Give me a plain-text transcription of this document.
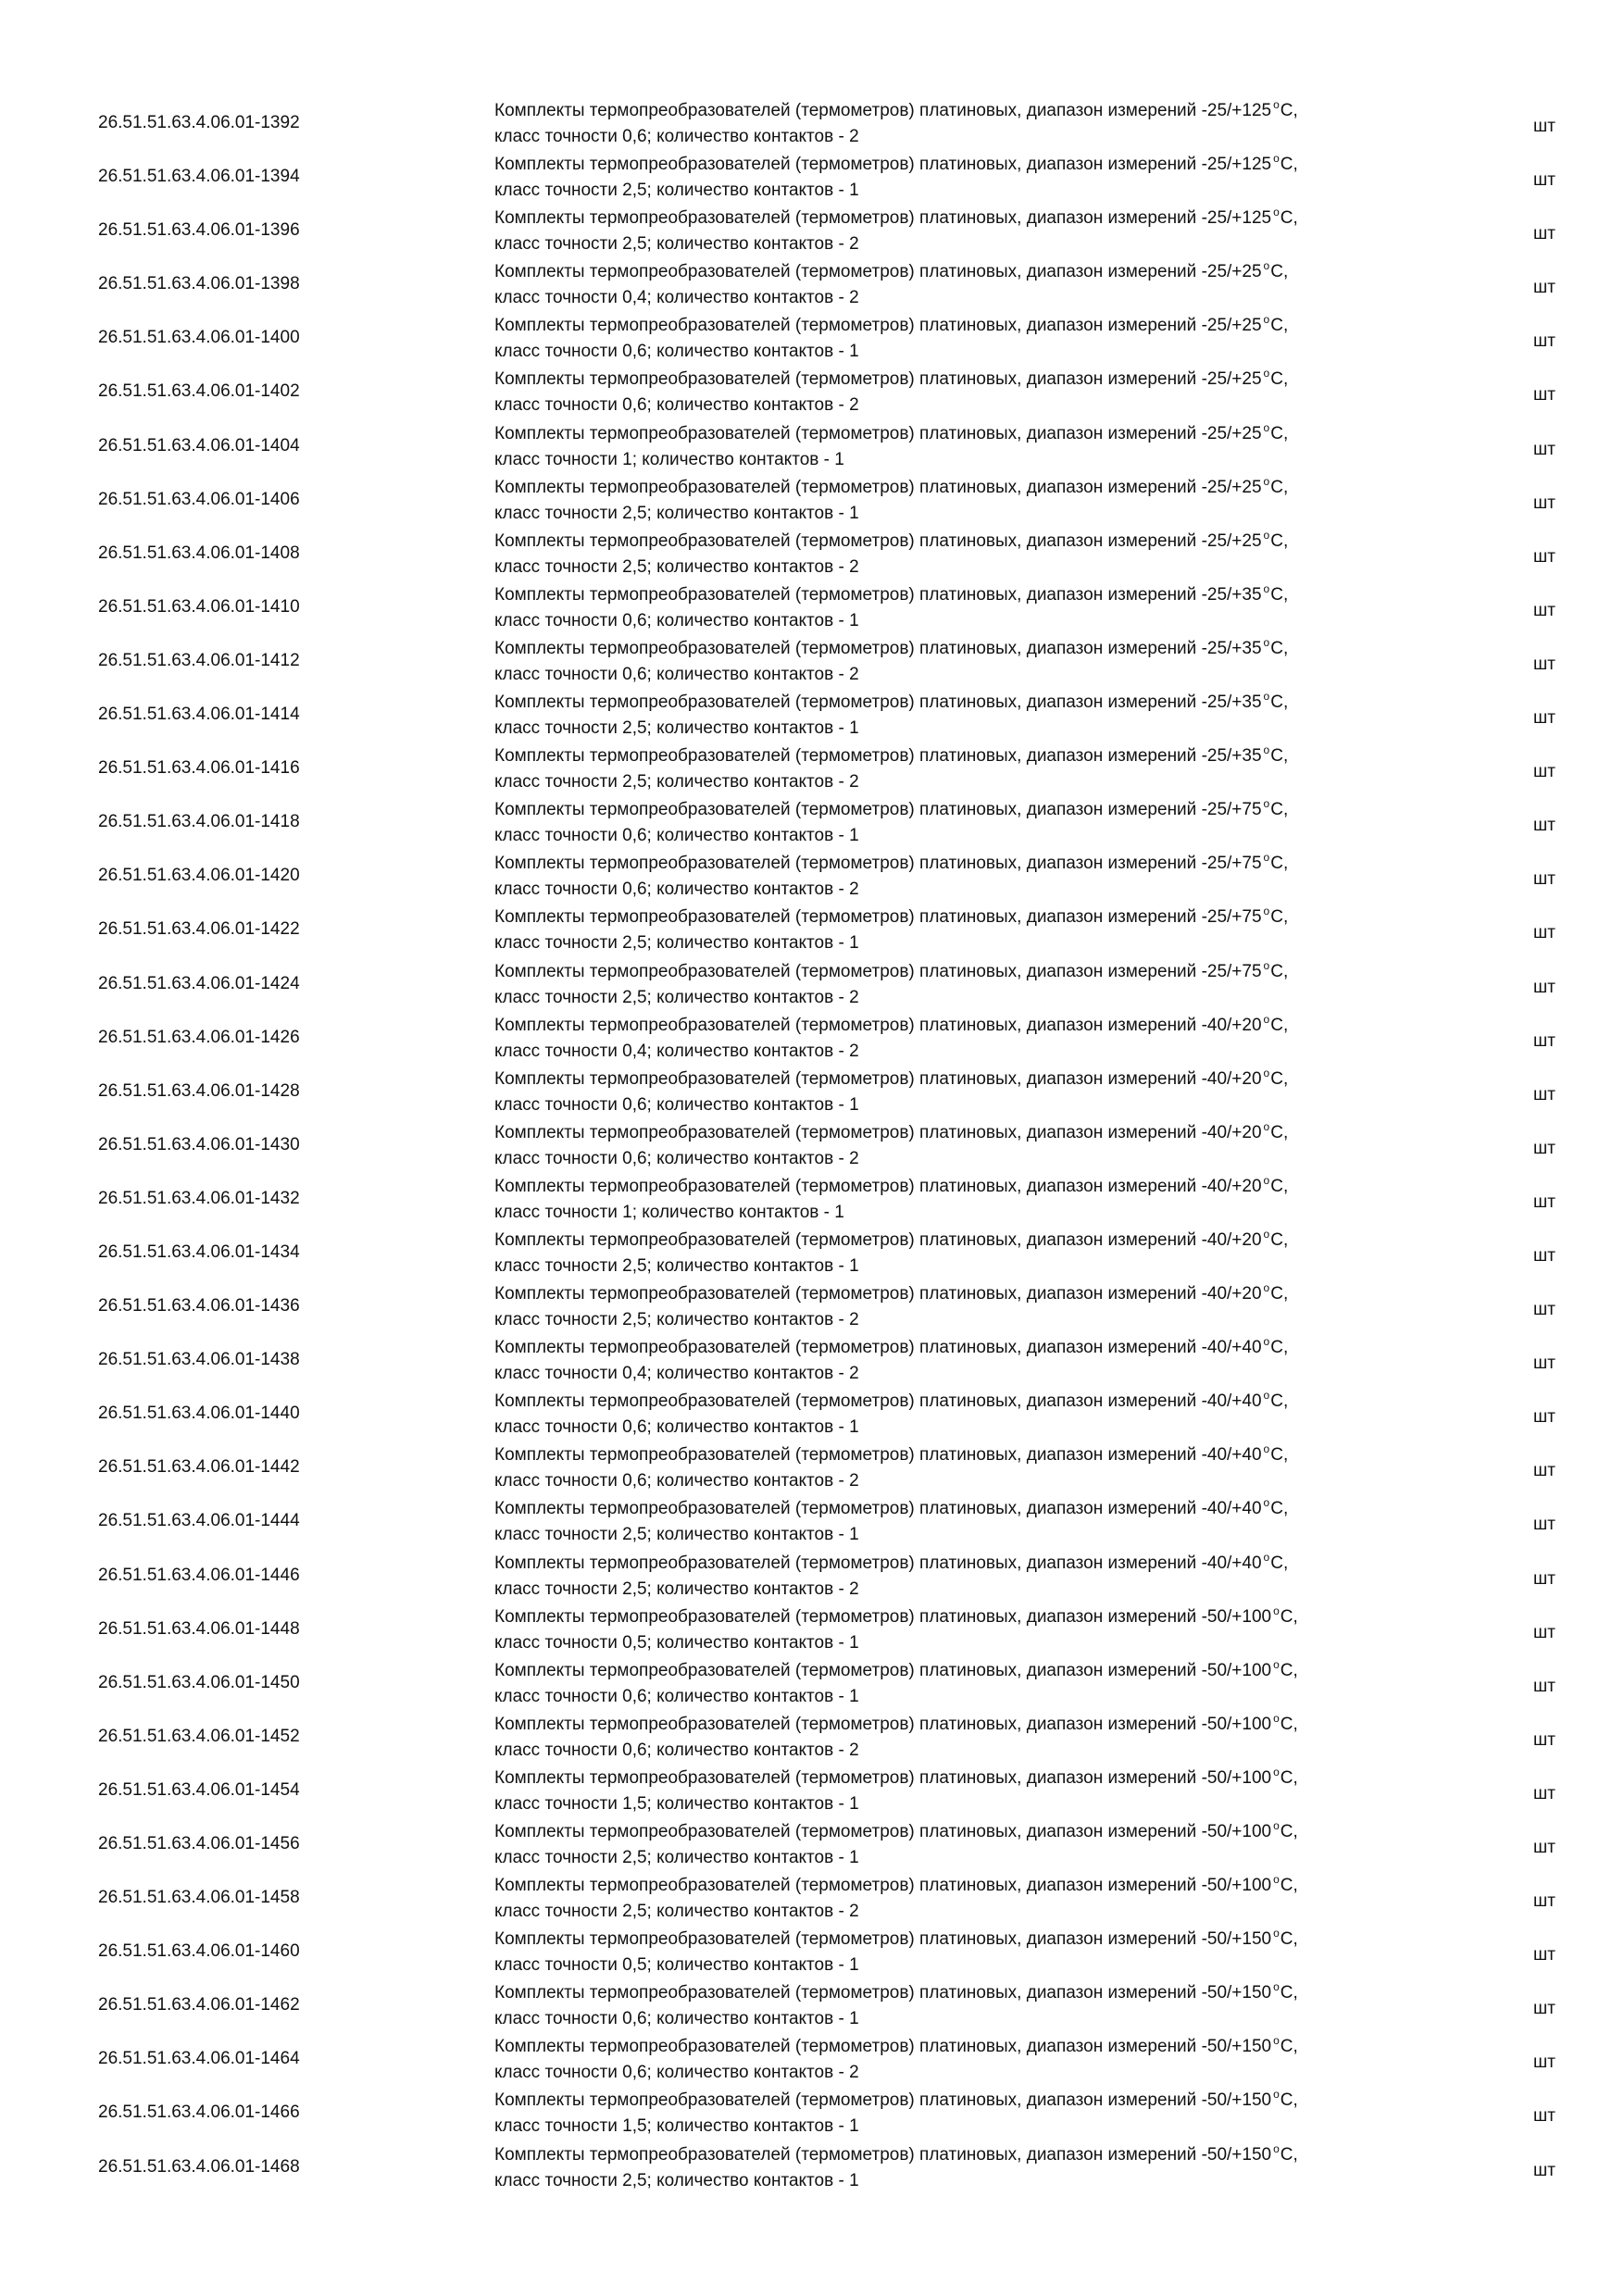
26.51.51.63.4.06.01-1392
Комплекты термопреобразователей (термометров) платиновых, диапазон измерений -25/+125 $^o$C,
класс точности 0,6; количество контактов - 2
шт
26.51.51.63.4.06.01-1394
Комплекты термопреобразователей (термометров) платиновых, диапазон измерений -25/+125 $^o$C,
класс точности 2,5; количество контактов - 1
шт
26.51.51.63.4.06.01-1396
Комплекты термопреобразователей (термометров) платиновых, диапазон измерений -25/+125 $^o$C,
класс точности 2,5; количество контактов - 2
шт
26.51.51.63.4.06.01-1398
Комплекты термопреобразователей (термометров) платиновых, диапазон измерений -25/+25 $^o$C,
класс точности 0,4; количество контактов - 2
шт
26.51.51.63.4.06.01-1400
Комплекты термопреобразователей (термометров) платиновых, диапазон измерений -25/+25 $^o$C,
класс точности 0,6; количество контактов - 1
шт
26.51.51.63.4.06.01-1402
Комплекты термопреобразователей (термометров) платиновых, диапазон измерений -25/+25 $^o$C,
класс точности 0,6; количество контактов - 2
шт
26.51.51.63.4.06.01-1404
Комплекты термопреобразователей (термометров) платиновых, диапазон измерений -25/+25 $^o$C,
класс точности 1; количество контактов - 1
шт
26.51.51.63.4.06.01-1406
Комплекты термопреобразователей (термометров) платиновых, диапазон измерений -25/+25 $^o$C,
класс точности 2,5; количество контактов - 1
шт
26.51.51.63.4.06.01-1408
Комплекты термопреобразователей (термометров) платиновых, диапазон измерений -25/+25 $^o$C,
класс точности 2,5; количество контактов - 2
шт
26.51.51.63.4.06.01-1410
Комплекты термопреобразователей (термометров) платиновых, диапазон измерений -25/+35 $^o$C,
класс точности 0,6; количество контактов - 1
шт
26.51.51.63.4.06.01-1412
Комплекты термопреобразователей (термометров) платиновых, диапазон измерений -25/+35 $^o$C,
класс точности 0,6; количество контактов - 2
шт
26.51.51.63.4.06.01-1414
Комплекты термопреобразователей (термометров) платиновых, диапазон измерений -25/+35 $^o$C,
класс точности 2,5; количество контактов - 1
шт
26.51.51.63.4.06.01-1416
Комплекты термопреобразователей (термометров) платиновых, диапазон измерений -25/+35 $^o$C,
класс точности 2,5; количество контактов - 2
шт
26.51.51.63.4.06.01-1418
Комплекты термопреобразователей (термометров) платиновых, диапазон измерений -25/+75 $^o$C,
класс точности 0,6; количество контактов - 1
шт
26.51.51.63.4.06.01-1420
Комплекты термопреобразователей (термометров) платиновых, диапазон измерений -25/+75 $^o$C,
класс точности 0,6; количество контактов - 2
шт
26.51.51.63.4.06.01-1422
Комплекты термопреобразователей (термометров) платиновых, диапазон измерений -25/+75 $^o$C,
класс точности 2,5; количество контактов - 1
шт
26.51.51.63.4.06.01-1424
Комплекты термопреобразователей (термометров) платиновых, диапазон измерений -25/+75 $^o$C,
класс точности 2,5; количество контактов - 2
шт
26.51.51.63.4.06.01-1426
Комплекты термопреобразователей (термометров) платиновых, диапазон измерений -40/+20 $^o$C,
класс точности 0,4; количество контактов - 2
шт
26.51.51.63.4.06.01-1428
Комплекты термопреобразователей (термометров) платиновых, диапазон измерений -40/+20 $^o$C,
класс точности 0,6; количество контактов - 1
шт
26.51.51.63.4.06.01-1430
Комплекты термопреобразователей (термометров) платиновых, диапазон измерений -40/+20 $^o$C,
класс точности 0,6; количество контактов - 2
шт
26.51.51.63.4.06.01-1432
Комплекты термопреобразователей (термометров) платиновых, диапазон измерений -40/+20 $^o$C,
класс точности 1; количество контактов - 1
шт
26.51.51.63.4.06.01-1434
Комплекты термопреобразователей (термометров) платиновых, диапазон измерений -40/+20 $^o$C,
класс точности 2,5; количество контактов - 1
шт
26.51.51.63.4.06.01-1436
Комплекты термопреобразователей (термометров) платиновых, диапазон измерений -40/+20 $^o$C,
класс точности 2,5; количество контактов - 2
шт
26.51.51.63.4.06.01-1438
Комплекты термопреобразователей (термометров) платиновых, диапазон измерений -40/+40 $^o$C,
класс точности 0,4; количество контактов - 2
шт
26.51.51.63.4.06.01-1440
Комплекты термопреобразователей (термометров) платиновых, диапазон измерений -40/+40 $^o$C,
класс точности 0,6; количество контактов - 1
шт
26.51.51.63.4.06.01-1442
Комплекты термопреобразователей (термометров) платиновых, диапазон измерений -40/+40 $^o$C,
класс точности 0,6; количество контактов - 2
шт
26.51.51.63.4.06.01-1444
Комплекты термопреобразователей (термометров) платиновых, диапазон измерений -40/+40 $^o$C,
класс точности 2,5; количество контактов - 1
шт
26.51.51.63.4.06.01-1446
Комплекты термопреобразователей (термометров) платиновых, диапазон измерений -40/+40 $^o$C,
класс точности 2,5; количество контактов - 2
шт
26.51.51.63.4.06.01-1448
Комплекты термопреобразователей (термометров) платиновых, диапазон измерений -50/+100 $^o$C,
класс точности 0,5; количество контактов - 1
шт
26.51.51.63.4.06.01-1450
Комплекты термопреобразователей (термометров) платиновых, диапазон измерений -50/+100 $^o$C,
класс точности 0,6; количество контактов - 1
шт
26.51.51.63.4.06.01-1452
Комплекты термопреобразователей (термометров) платиновых, диапазон измерений -50/+100 $^o$C,
класс точности 0,6; количество контактов - 2
шт
26.51.51.63.4.06.01-1454
Комплекты термопреобразователей (термометров) платиновых, диапазон измерений -50/+100 $^o$C,
класс точности 1,5; количество контактов - 1
шт
26.51.51.63.4.06.01-1456
Комплекты термопреобразователей (термометров) платиновых, диапазон измерений -50/+100 $^o$C,
класс точности 2,5; количество контактов - 1
шт
26.51.51.63.4.06.01-1458
Комплекты термопреобразователей (термометров) платиновых, диапазон измерений -50/+100 $^o$C,
класс точности 2,5; количество контактов - 2
шт
26.51.51.63.4.06.01-1460
Комплекты термопреобразователей (термометров) платиновых, диапазон измерений -50/+150 $^o$C,
класс точности 0,5; количество контактов - 1
шт
26.51.51.63.4.06.01-1462
Комплекты термопреобразователей (термометров) платиновых, диапазон измерений -50/+150 $^o$C,
класс точности 0,6; количество контактов - 1
шт
26.51.51.63.4.06.01-1464
Комплекты термопреобразователей (термометров) платиновых, диапазон измерений -50/+150 $^o$C,
класс точности 0,6; количество контактов - 2
шт
26.51.51.63.4.06.01-1466
Комплекты термопреобразователей (термометров) платиновых, диапазон измерений -50/+150 $^o$C,
класс точности 1,5; количество контактов - 1
шт
26.51.51.63.4.06.01-1468
Комплекты термопреобразователей (термометров) платиновых, диапазон измерений -50/+150 $^o$C,
класс точности 2,5; количество контактов - 1
шт
